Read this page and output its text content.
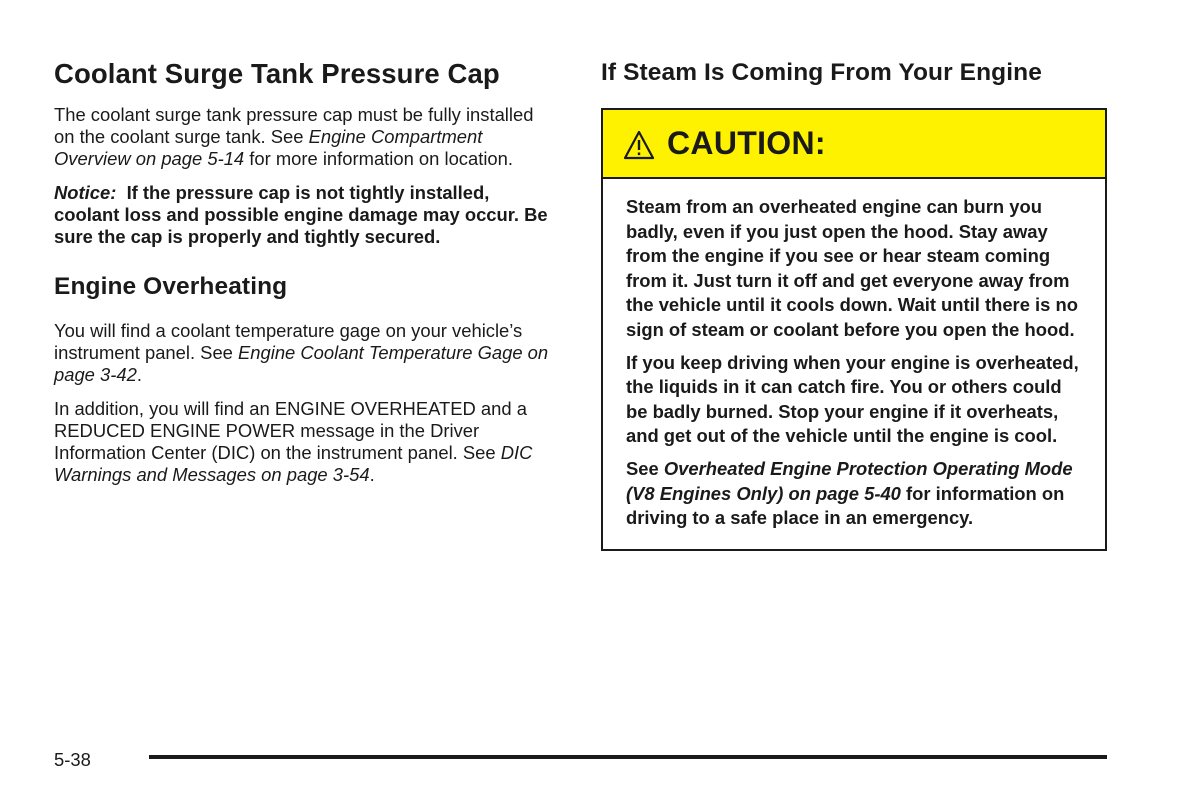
Coolant Surge Tank Pressure Cap

The coolant surge tank pressure cap must be fully installed on the coolant surge tank. See Engine Compartment Overview on page 5-14 for more information on location.

Notice:  If the pressure cap is not tightly installed, coolant loss and possible engine damage may occur. Be sure the cap is properly and tightly secured.

Engine Overheating

You will find a coolant temperature gage on your vehicle’s instrument panel. See Engine Coolant Temperature Gage on page 3-42.

In addition, you will find an ENGINE OVERHEATED and a REDUCED ENGINE POWER message in the Driver Information Center (DIC) on the instrument panel. See DIC Warnings and Messages on page 3-54.

If Steam Is Coming From Your Engine
CAUTION:

Steam from an overheated engine can burn you badly, even if you just open the hood. Stay away from the engine if you see or hear steam coming from it. Just turn it off and get everyone away from the vehicle until it cools down. Wait until there is no sign of steam or coolant before you open the hood.

If you keep driving when your engine is overheated, the liquids in it can catch fire. You or others could be badly burned. Stop your engine if it overheats, and get out of the vehicle until the engine is cool.

See Overheated Engine Protection Operating Mode (V8 Engines Only) on page 5-40 for information on driving to a safe place in an emergency.

5-38
